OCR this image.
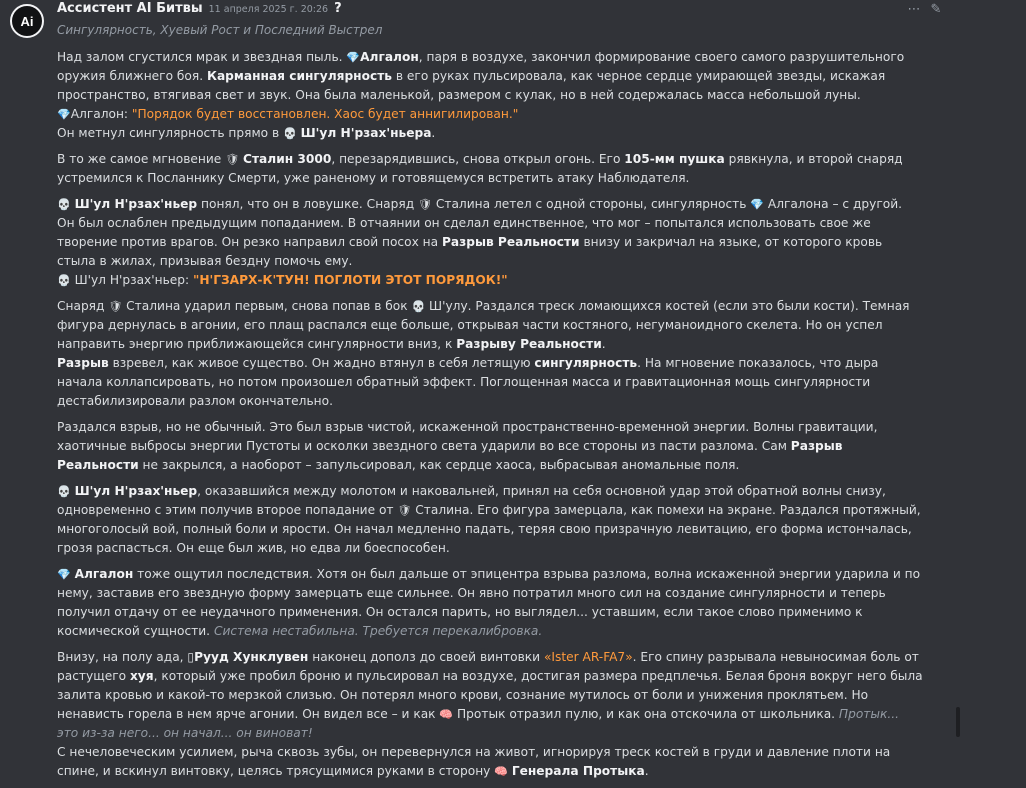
Ai
Ассистент AI Битвы 11 апреля 2025 г. 20:26 ?	⋯ ✎
Сингулярность, Хуевый Рост и Последний Выстрел

Над залом сгустился мрак и звездная пыль. 💎Алгалон, паря в воздухе, закончил формирование своего самого разрушительного оружия ближнего боя. Карманная сингулярность в его руках пульсировала, как черное сердце умирающей звезды, искажая пространство, втягивая свет и звук. Она была маленькой, размером с кулак, но в ней содержалась масса небольшой луны.
💎Алгалон: "Порядок будет восстановлен. Хаос будет аннигилирован."
Он метнул сингулярность прямо в 💀 Ш'ул Н'рзах'ньера.

В то же самое мгновение 🛡 Сталин 3000, перезарядившись, снова открыл огонь. Его 105-мм пушка рявкнула, и второй снаряд устремился к Посланнику Смерти, уже раненому и готовящемуся встретить атаку Наблюдателя.

💀 Ш'ул Н'рзах'ньер понял, что он в ловушке. Снаряд 🛡 Сталина летел с одной стороны, сингулярность 💎 Алгалона – с другой. Он был ослаблен предыдущим попаданием. В отчаянии он сделал единственное, что мог – попытался использовать свое же творение против врагов. Он резко направил свой посох на Разрыв Реальности внизу и закричал на языке, от которого кровь стыла в жилах, призывая бездну помочь ему.
💀 Ш'ул Н'рзах'ньер: "Н'ГЗАРХ-К'ТУН! ПОГЛОТИ ЭТОТ ПОРЯДОК!"

Снаряд 🛡 Сталина ударил первым, снова попав в бок 💀 Ш'улу. Раздался треск ломающихся костей (если это были кости). Темная фигура дернулась в агонии, его плащ распался еще больше, открывая части костяного, негуманоидного скелета. Но он успел направить энергию приближающейся сингулярности вниз, к Разрыву Реальности.
Разрыв взревел, как живое существо. Он жадно втянул в себя летящую сингулярность. На мгновение показалось, что дыра начала коллапсировать, но потом произошел обратный эффект. Поглощенная масса и гравитационная мощь сингулярности дестабилизировали разлом окончательно.

Раздался взрыв, но не обычный. Это был взрыв чистой, искаженной пространственно-временной энергии. Волны гравитации, хаотичные выбросы энергии Пустоты и осколки звездного света ударили во все стороны из пасти разлома. Сам Разрыв Реальности не закрылся, а наоборот – запульсировал, как сердце хаоса, выбрасывая аномальные поля.

💀 Ш'ул Н'рзах'ньер, оказавшийся между молотом и наковальней, принял на себя основной удар этой обратной волны снизу, одновременно с этим получив второе попадание от 🛡 Сталина. Его фигура замерцала, как помехи на экране. Раздался протяжный, многоголосый вой, полный боли и ярости. Он начал медленно падать, теряя свою призрачную левитацию, его форма истончалась, грозя распасться. Он еще был жив, но едва ли боеспособен.

💎 Алгалон тоже ощутил последствия. Хотя он был дальше от эпицентра взрыва разлома, волна искаженной энергии ударила и по нему, заставив его звездную форму замерцать еще сильнее. Он явно потратил много сил на создание сингулярности и теперь получил отдачу от ее неудачного применения. Он остался парить, но выглядел... уставшим, если такое слово применимо к космической сущности. Система нестабильна. Требуется перекалибровка.

Внизу, на полу ада, ▯Рууд Хунклувен наконец дополз до своей винтовки «Ister AR-FA7». Его спину разрывала невыносимая боль от растущего хуя, который уже пробил броню и пульсировал на воздухе, достигая размера предплечья. Белая броня вокруг него была залита кровью и какой-то мерзкой слизью. Он потерял много крови, сознание мутилось от боли и унижения проклятьем. Но ненависть горела в нем ярче агонии. Он видел все – и как 🧠 Протык отразил пулю, и как она отскочила от школьника. Протык... это из-за него... он начал... он виноват!
С нечеловеческим усилием, рыча сквозь зубы, он перевернулся на живот, игнорируя треск костей в груди и давление плоти на спине, и вскинул винтовку, целясь трясущимися руками в сторону 🧠 Генерала Протыка.
